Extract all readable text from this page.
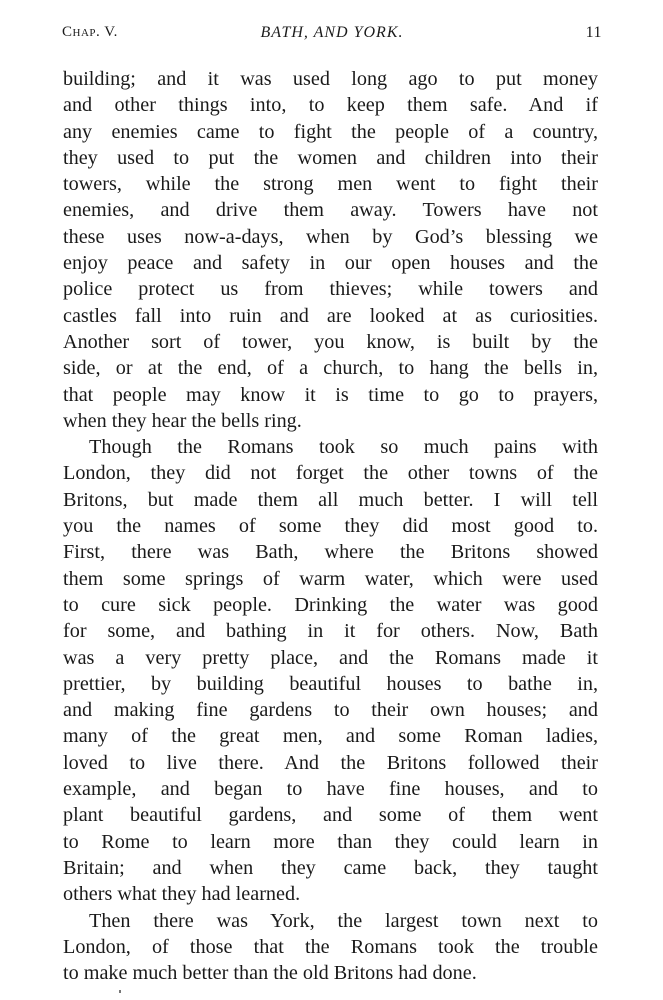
Chap. V.	BATH, AND YORK.	11
building; and it was used long ago to put money
and other things into, to keep them safe. And if
any enemies came to fight the people of a country,
they used to put the women and children into their
towers, while the strong men went to fight their
enemies, and drive them away. Towers have not
these uses now-a-days, when by God’s blessing we
enjoy peace and safety in our open houses and the
police protect us from thieves; while towers and
castles fall into ruin and are looked at as curiosities.
Another sort of tower, you know, is built by the
side, or at the end, of a church, to hang the bells in,
that people may know it is time to go to prayers,
when they hear the bells ring.
Though the Romans took so much pains with
London, they did not forget the other towns of the
Britons, but made them all much better. I will tell
you the names of some they did most good to.
First, there was Bath, where the Britons showed
them some springs of warm water, which were used
to cure sick people. Drinking the water was good
for some, and bathing in it for others. Now, Bath
was a very pretty place, and the Romans made it
prettier, by building beautiful houses to bathe in,
and making fine gardens to their own houses; and
many of the great men, and some Roman ladies,
loved to live there. And the Britons followed their
example, and began to have fine houses, and to
plant beautiful gardens, and some of them went
to Rome to learn more than they could learn in
Britain; and when they came back, they taught
others what they had learned.
Then there was York, the largest town next to
London, of those that the Romans took the trouble
to make much better than the old Britons had done.
